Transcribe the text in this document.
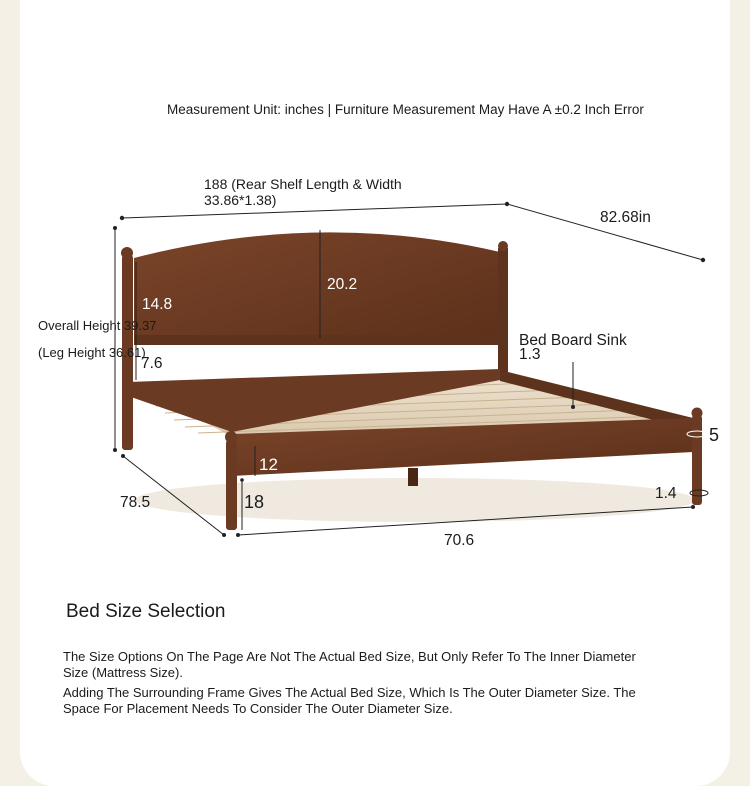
Measurement Unit: inches | Furniture Measurement May Have A ±0.2 Inch Error
188 (Rear Shelf Length & Width
33.86*1.38)
82.68in
14.8
20.2
Overall Height 39.37
(Leg Height 36.61)
7.6
Bed Board Sink
1.3
12
18
78.5
70.6
5
1.4
Bed Size Selection
The Size Options On The Page Are Not The Actual Bed Size, But Only Refer To The Inner Diameter Size (Mattress Size).
Adding The Surrounding Frame Gives The Actual Bed Size, Which Is The Outer Diameter Size. The Space For Placement Needs To Consider The Outer Diameter Size.
